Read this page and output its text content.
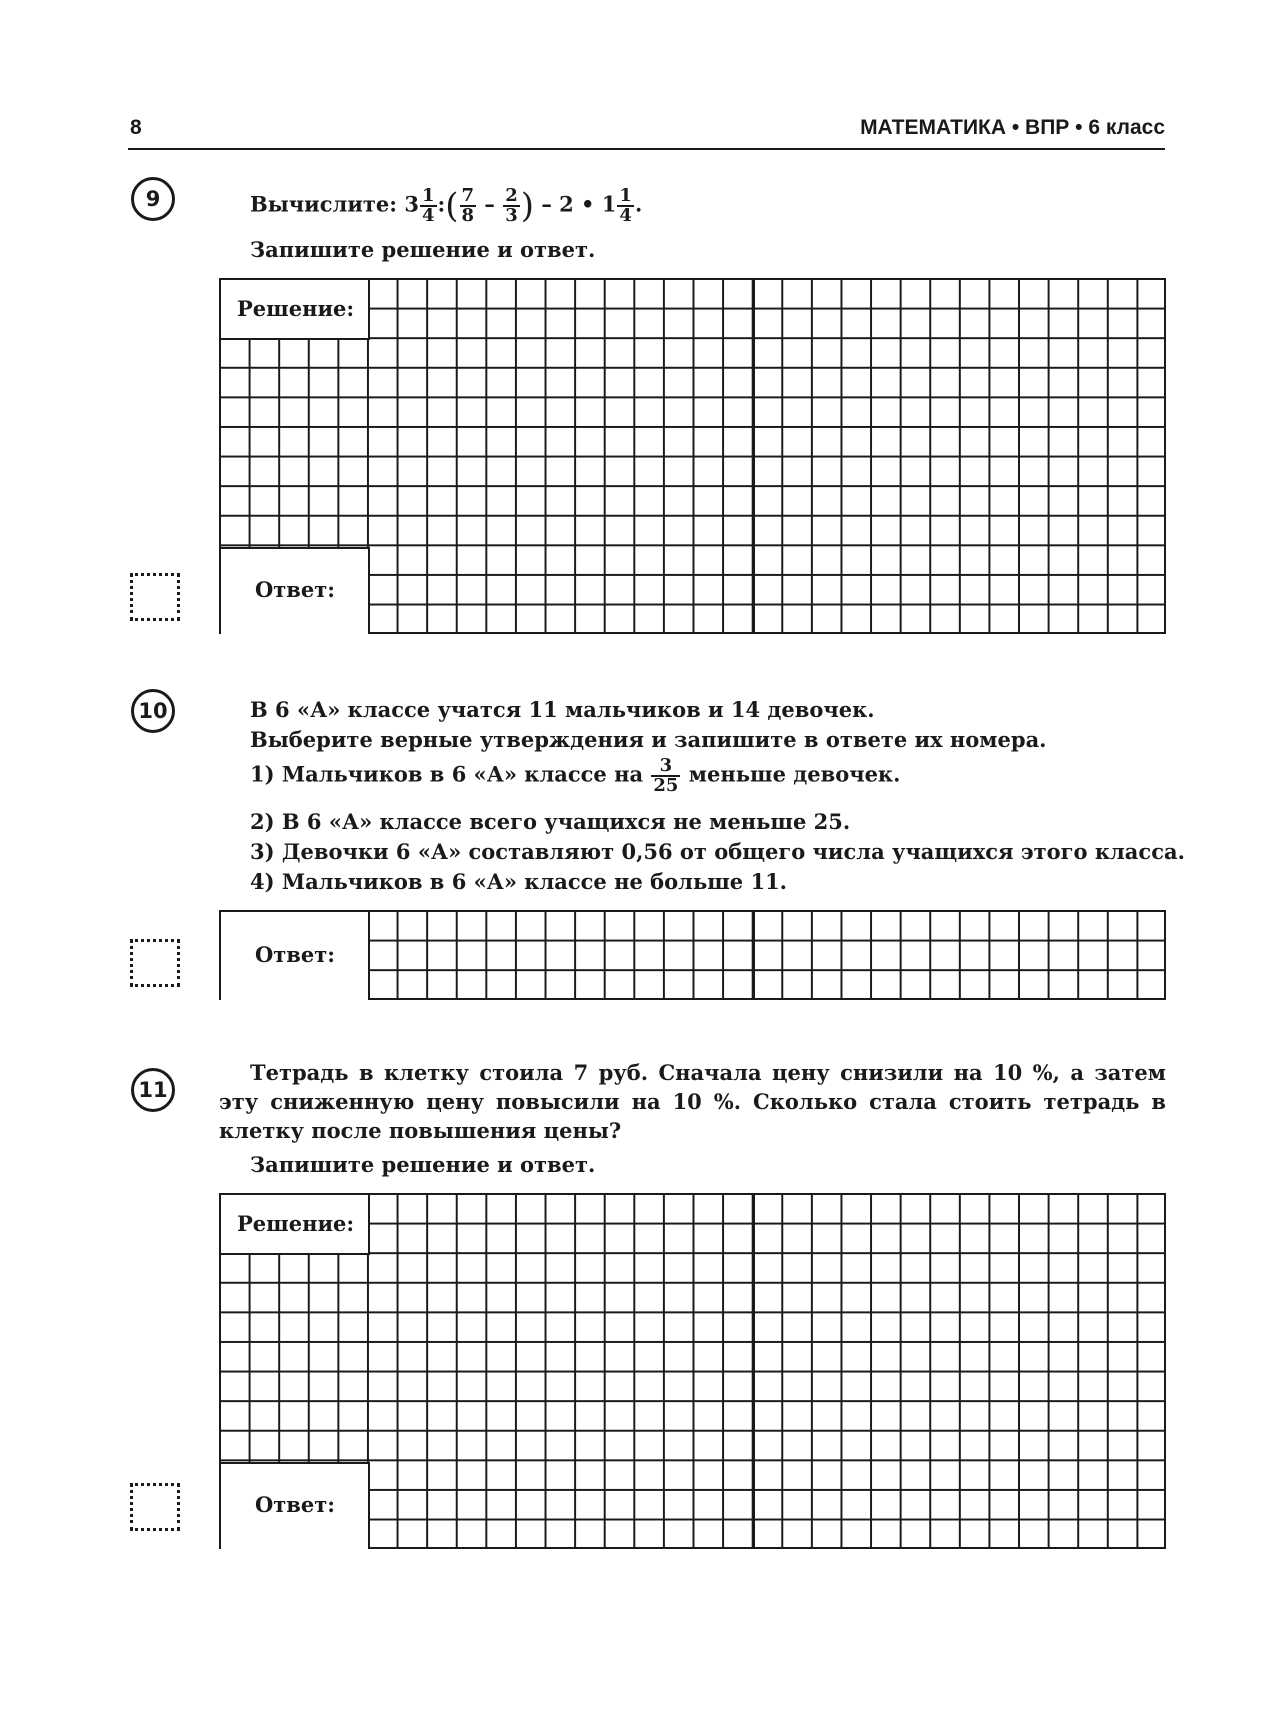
8	МАТЕМАТИКА • ВПР • 6 класс
9	Вычислите: $3 \frac{1}{4}$ :( $\frac{7}{8} - \frac{2}{3}$ ) – 2 • $1 \frac{1}{4}$ .
Запишите решение и ответ.
Решение:
Ответ:
10	В 6 «А» классе учатся 11 мальчиков и 14 девочек.
Выберите верные утверждения и запишите в ответе их номера.
1) Мальчиков в 6 «А» классе на $\frac{3}{25}$ меньше девочек.
2) В 6 «А» классе всего учащихся не меньше 25.
3) Девочки 6 «А» составляют 0,56 от общего числа учащихся этого класса.
4) Мальчиков в 6 «А» классе не больше 11.
Ответ:
11
Тетрадь в клетку стоила 7 руб. Сначала цену снизили на 10 %, а затем эту сниженную цену повысили на 10 %. Сколько стала стоить тетрадь в клетку после повышения цены?
Запишите решение и ответ.
Решение:
Ответ:
